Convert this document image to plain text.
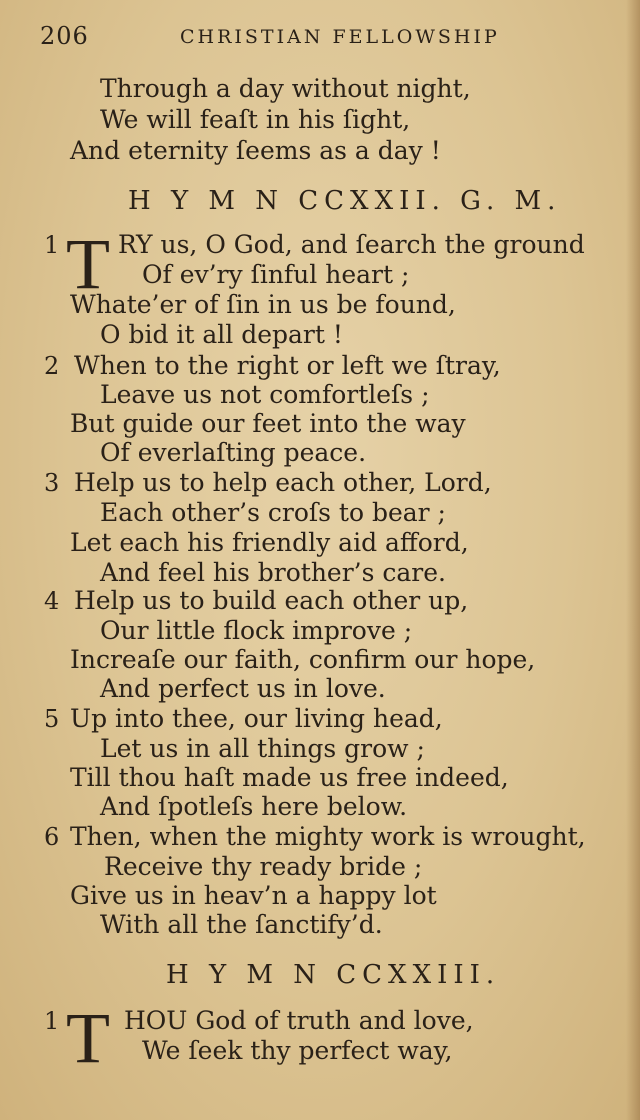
206	CHRISTIAN FELLOWSHIP
Through a day without night,
We will feaſt in his ſight,
And eternity ſeems as a day !
H Y M N CCXXII. G. M.
1 T RY us, O God, and ſearch the ground
Of ev’ry ſinful heart ;
Whate’er of ſin in us be found,
O bid it all depart !
2 When to the right or left we ſtray,
Leave us not comfortleſs ;
But guide our feet into the way
Of everlaſting peace.
3 Help us to help each other, Lord,
Each other’s croſs to bear ;
Let each his friendly aid afford,
And feel his brother’s care.
4 Help us to build each other up,
Our little flock improve ;
Increaſe our faith, confirm our hope,
And perfect us in love.
5 Up into thee, our living head,
Let us in all things grow ;
Till thou haſt made us free indeed,
And ſpotleſs here below.
6 Then, when the mighty work is wrought,
Receive thy ready bride ;
Give us in heav’n a happy lot
With all the ſanctify’d.
H Y M N CCXXIII.
1 T HOU God of truth and love,
We ſeek thy perfect way,
